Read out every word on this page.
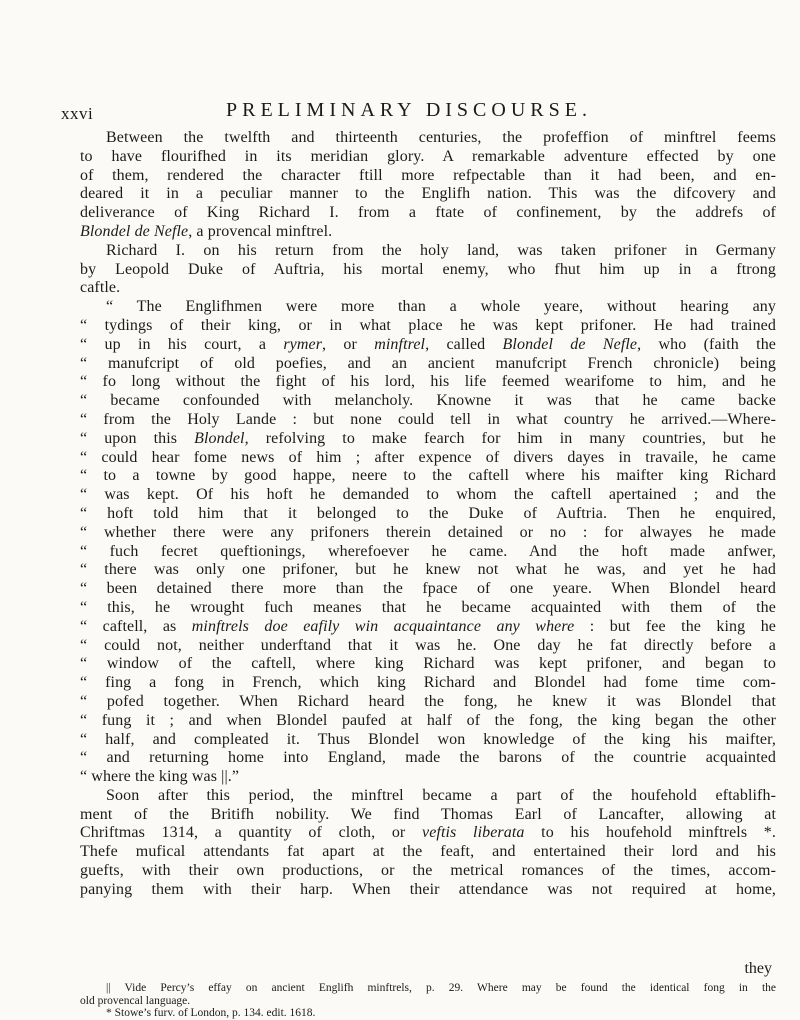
xxvi	PRELIMINARY DISCOURSE.
Between the twelfth and thirteenth centuries, the profeffion of minftrel feems
to have flourifhed in its meridian glory. A remarkable adventure effected by one
of them, rendered the character ftill more refpectable than it had been, and en-
deared it in a peculiar manner to the Englifh nation. This was the difcovery and
deliverance of King Richard I. from a ftate of confinement, by the addrefs of
Blondel de Nefle, a provencal minftrel.
Richard I. on his return from the holy land, was taken prifoner in Germany
by Leopold Duke of Auftria, his mortal enemy, who fhut him up in a ftrong
caftle.
“ The Englifhmen were more than a whole yeare, without hearing any
“ tydings of their king, or in what place he was kept prifoner. He had trained
“ up in his court, a rymer, or minftrel, called Blondel de Nefle, who (faith the
“ manufcript of old poefies, and an ancient manufcript French chronicle) being
“ fo long without the fight of his lord, his life feemed wearifome to him, and he
“ became confounded with melancholy. Knowne it was that he came backe
“ from the Holy Lande : but none could tell in what country he arrived.—Where-
“ upon this Blondel, refolving to make fearch for him in many countries, but he
“ could hear fome news of him ; after expence of divers dayes in travaile, he came
“ to a towne by good happe, neere to the caftell where his maifter king Richard
“ was kept. Of his hoft he demanded to whom the caftell apertained ; and the
“ hoft told him that it belonged to the Duke of Auftria. Then he enquired,
“ whether there were any prifoners therein detained or no : for alwayes he made
“ fuch fecret queftionings, wherefoever he came. And the hoft made anfwer,
“ there was only one prifoner, but he knew not what he was, and yet he had
“ been detained there more than the fpace of one yeare. When Blondel heard
“ this, he wrought fuch meanes that he became acquainted with them of the
“ caftell, as minftrels doe eafily win acquaintance any where : but fee the king he
“ could not, neither underftand that it was he. One day he fat directly before a
“ window of the caftell, where king Richard was kept prifoner, and began to
“ fing a fong in French, which king Richard and Blondel had fome time com-
“ pofed together. When Richard heard the fong, he knew it was Blondel that
“ fung it ; and when Blondel paufed at half of the fong, the king began the other
“ half, and compleated it. Thus Blondel won knowledge of the king his maifter,
“ and returning home into England, made the barons of the countrie acquainted
“ where the king was ||.”
Soon after this period, the minftrel became a part of the houfehold eftablifh-
ment of the Britifh nobility. We find Thomas Earl of Lancafter, allowing at
Chriftmas 1314, a quantity of cloth, or veftis liberata to his houfehold minftrels *.
Thefe mufical attendants fat apart at the feaft, and entertained their lord and his
guefts, with their own productions, or the metrical romances of the times, accom-
panying them with their harp. When their attendance was not required at home,
they
|| Vide Percy’s effay on ancient Englifh minftrels, p. 29. Where may be found the identical fong in the
old provencal language.
* Stowe’s furv. of London, p. 134. edit. 1618.
